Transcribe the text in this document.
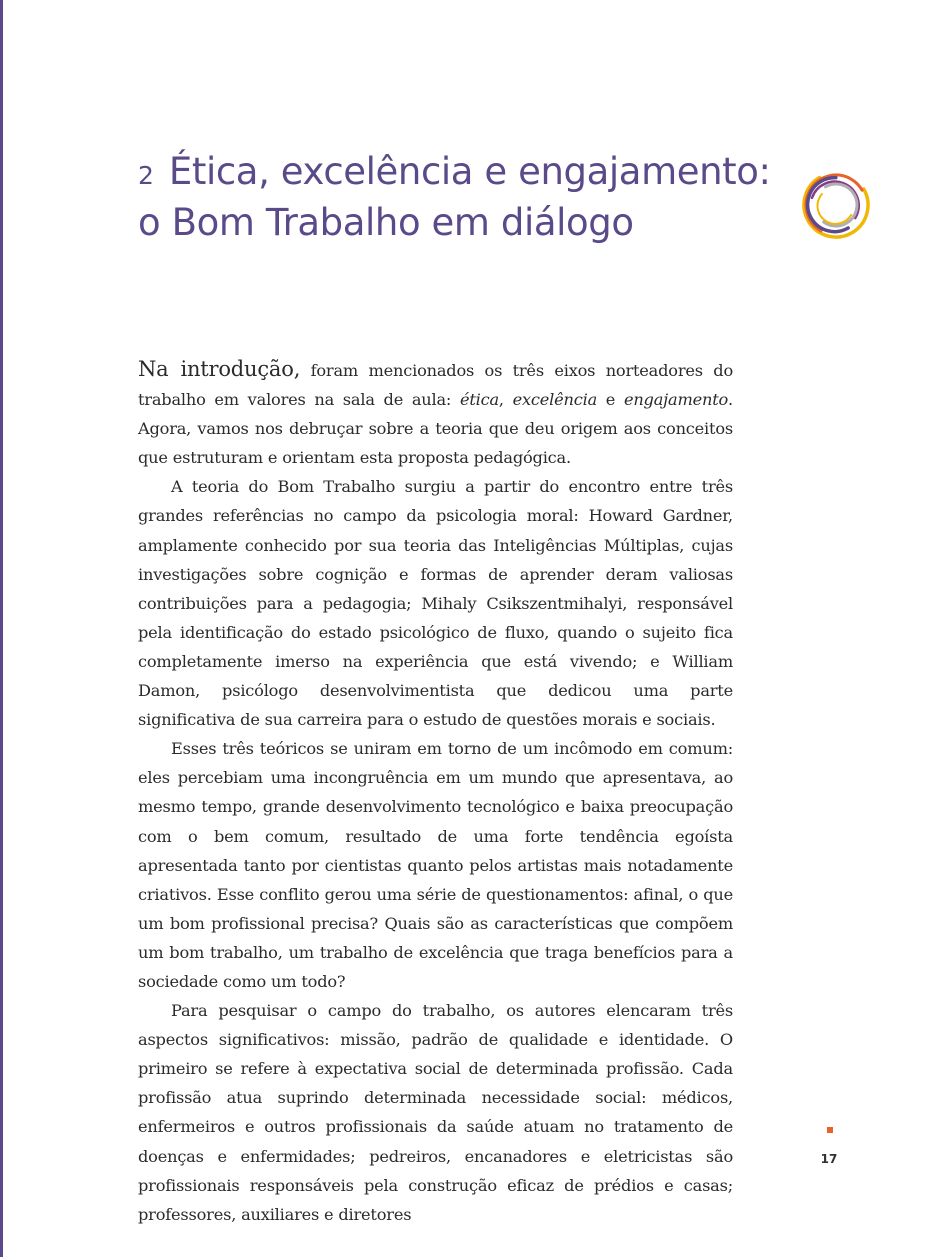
2 Ética, excelência e engajamento:
o Bom Trabalho em diálogo

Na introdução, foram mencionados os três eixos norteadores do trabalho em valores na sala de aula: ética, excelência e engajamento. Agora, vamos nos debruçar sobre a teoria que deu origem aos conceitos que estruturam e orientam esta proposta pedagógica.

A teoria do Bom Trabalho surgiu a partir do encontro entre três grandes referências no campo da psicologia moral: Howard Gardner, amplamente conhecido por sua teoria das Inteligências Múltiplas, cujas investigações sobre cognição e formas de aprender deram valiosas contribuições para a pedagogia; Mihaly Csikszentmihalyi, responsável pela identificação do estado psicológico de fluxo, quando o sujeito fica completamente imerso na experiência que está vivendo; e William Damon, psicólogo desenvolvimentista que dedicou uma parte significativa de sua carreira para o estudo de questões morais e sociais.

Esses três teóricos se uniram em torno de um incômodo em comum: eles percebiam uma incongruência em um mundo que apresentava, ao mesmo tempo, grande desenvolvimento tecnológico e baixa preocupação com o bem comum, resultado de uma forte tendência egoísta apresentada tanto por cientistas quanto pelos artistas mais notadamente criativos. Esse conflito gerou uma série de questionamentos: afinal, o que um bom profissional precisa? Quais são as características que compõem um bom trabalho, um trabalho de excelência que traga benefícios para a sociedade como um todo?

Para pesquisar o campo do trabalho, os autores elencaram três aspectos significativos: missão, padrão de qualidade e identidade. O primeiro se refere à expectativa social de determinada profissão. Cada profissão atua suprindo determinada necessidade social: médicos, enfermeiros e outros profissionais da saúde atuam no tratamento de doenças e enfermidades; pedreiros, encanadores e eletricistas são profissionais responsáveis pela construção eficaz de prédios e casas; professores, auxiliares e diretores

17
